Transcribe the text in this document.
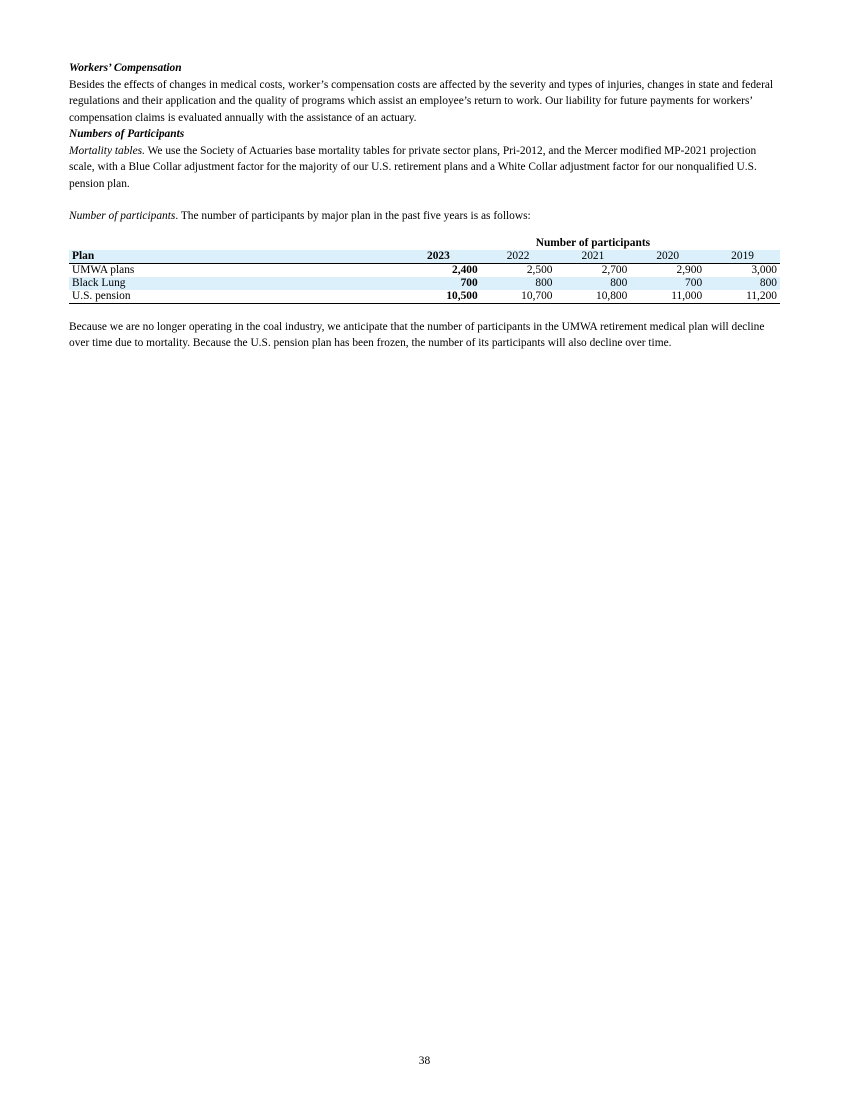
Workers’ Compensation

Besides the effects of changes in medical costs, worker’s compensation costs are affected by the severity and types of injuries, changes in state and federal regulations and their application and the quality of programs which assist an employee’s return to work. Our liability for future payments for workers’ compensation claims is evaluated annually with the assistance of an actuary.

Numbers of Participants

Mortality tables. We use the Society of Actuaries base mortality tables for private sector plans, Pri-2012, and the Mercer modified MP-2021 projection scale, with a Blue Collar adjustment factor for the majority of our U.S. retirement plans and a White Collar adjustment factor for our nonqualified U.S. pension plan.

Number of participants. The number of participants by major plan in the past five years is as follows:

		Number of participants			
Plan	2023	2022	2021	2020	2019
UMWA plans	2,400	2,500	2,700	2,900	3,000
Black Lung	700	800	800	700	800
U.S. pension	10,500	10,700	10,800	11,000	11,200

Because we are no longer operating in the coal industry, we anticipate that the number of participants in the UMWA retirement medical plan will decline over time due to mortality. Because the U.S. pension plan has been frozen, the number of its participants will also decline over time.

38
